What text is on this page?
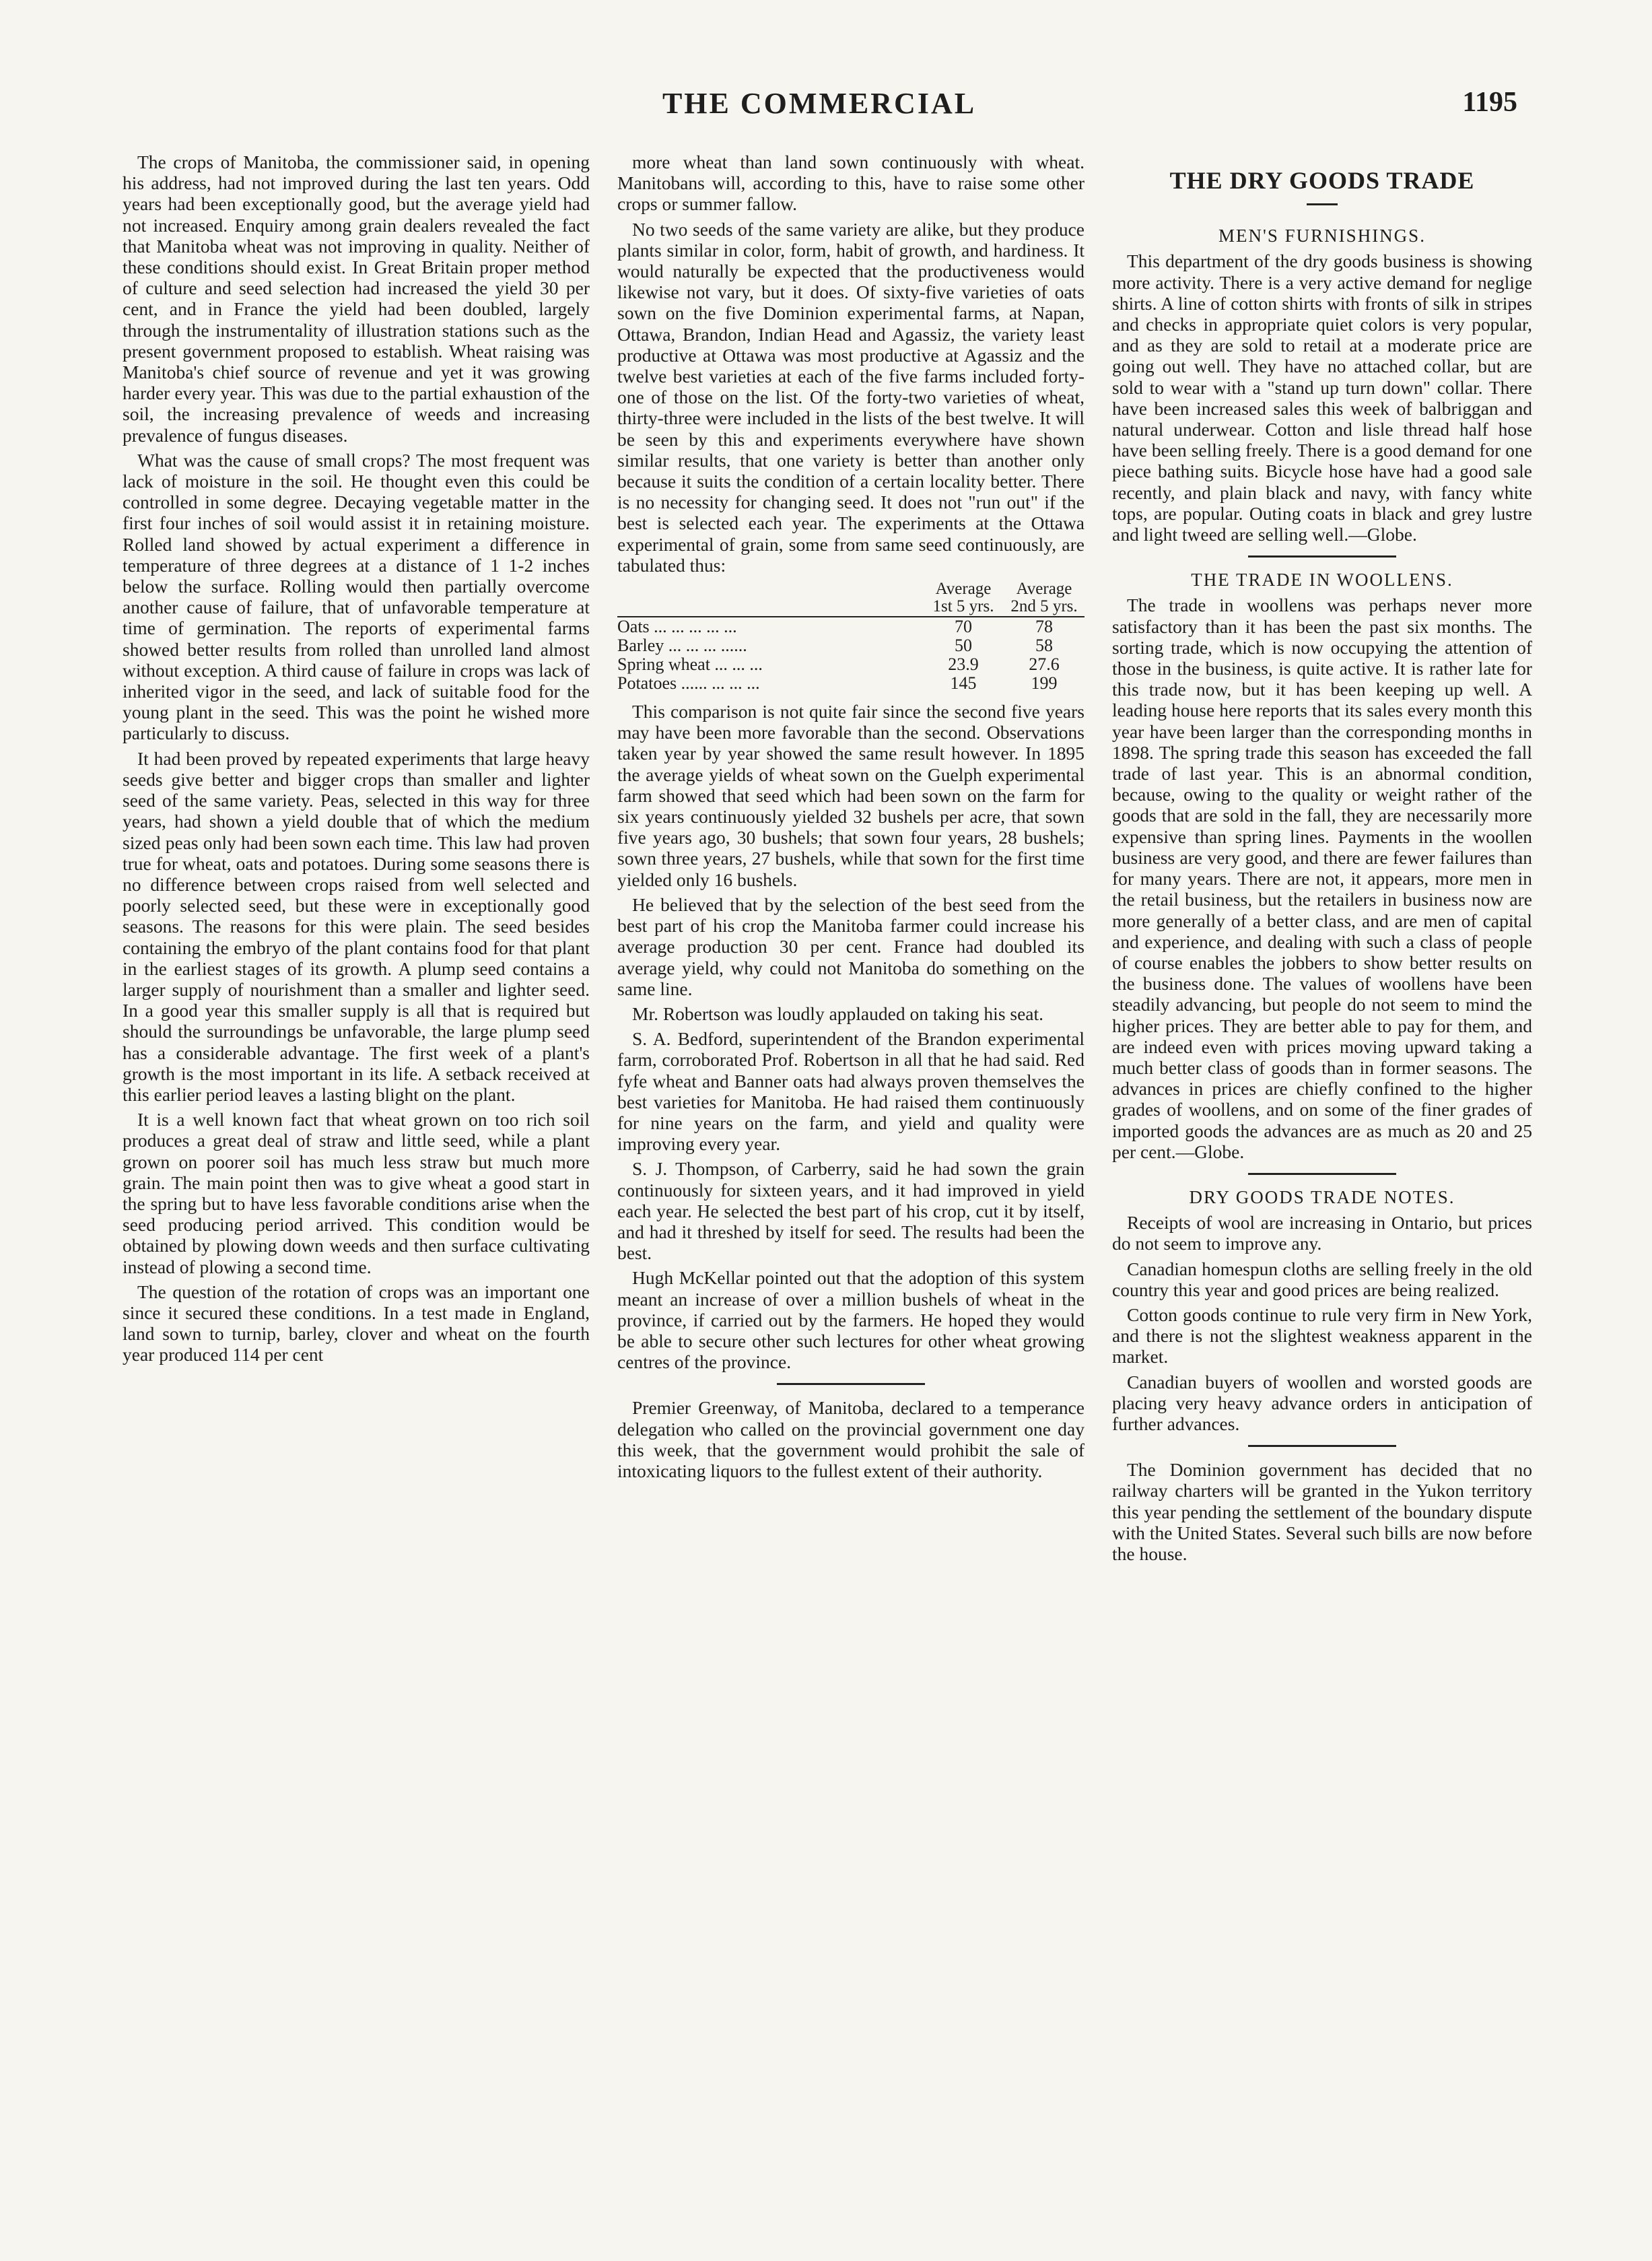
THE COMMERCIAL	1195

The crops of Manitoba, the commissioner said, in opening his address, had not improved during the last ten years. Odd years had been exceptionally good, but the average yield had not increased. Enquiry among grain dealers revealed the fact that Manitoba wheat was not improving in quality. Neither of these conditions should exist. In Great Britain proper method of culture and seed selection had increased the yield 30 per cent, and in France the yield had been doubled, largely through the instrumentality of illustration stations such as the present government proposed to establish. Wheat raising was Manitoba's chief source of revenue and yet it was growing harder every year. This was due to the partial exhaustion of the soil, the increasing prevalence of weeds and increasing prevalence of fungus diseases.

What was the cause of small crops? The most frequent was lack of moisture in the soil. He thought even this could be controlled in some degree. Decaying vegetable matter in the first four inches of soil would assist it in retaining moisture. Rolled land showed by actual experiment a difference in temperature of three degrees at a distance of 1 1-2 inches below the surface. Rolling would then partially overcome another cause of failure, that of unfavorable temperature at time of germination. The reports of experimental farms showed better results from rolled than unrolled land almost without exception. A third cause of failure in crops was lack of inherited vigor in the seed, and lack of suitable food for the young plant in the seed. This was the point he wished more particularly to discuss.

It had been proved by repeated experiments that large heavy seeds give better and bigger crops than smaller and lighter seed of the same variety. Peas, selected in this way for three years, had shown a yield double that of which the medium sized peas only had been sown each time. This law had proven true for wheat, oats and potatoes. During some seasons there is no difference between crops raised from well selected and poorly selected seed, but these were in exceptionally good seasons. The reasons for this were plain. The seed besides containing the embryo of the plant contains food for that plant in the earliest stages of its growth. A plump seed contains a larger supply of nourishment than a smaller and lighter seed. In a good year this smaller supply is all that is required but should the surroundings be unfavorable, the large plump seed has a considerable advantage. The first week of a plant's growth is the most important in its life. A setback received at this earlier period leaves a lasting blight on the plant.

It is a well known fact that wheat grown on too rich soil produces a great deal of straw and little seed, while a plant grown on poorer soil has much less straw but much more grain. The main point then was to give wheat a good start in the spring but to have less favorable conditions arise when the seed producing period arrived. This condition would be obtained by plowing down weeds and then surface cultivating instead of plowing a second time.

The question of the rotation of crops was an important one since it secured these conditions. In a test made in England, land sown to turnip, barley, clover and wheat on the fourth year produced 114 per cent

more wheat than land sown continuously with wheat. Manitobans will, according to this, have to raise some other crops or summer fallow.

No two seeds of the same variety are alike, but they produce plants similar in color, form, habit of growth, and hardiness. It would naturally be expected that the productiveness would likewise not vary, but it does. Of sixty-five varieties of oats sown on the five Dominion experimental farms, at Napan, Ottawa, Brandon, Indian Head and Agassiz, the variety least productive at Ottawa was most productive at Agassiz and the twelve best varieties at each of the five farms included forty-one of those on the list. Of the forty-two varieties of wheat, thirty-three were included in the lists of the best twelve. It will be seen by this and experiments everywhere have shown similar results, that one variety is better than another only because it suits the condition of a certain locality better. There is no necessity for changing seed. It does not "run out" if the best is selected each year. The experiments at the Ottawa experimental of grain, some from same seed continuously, are tabulated thus:

	Average 1st 5 yrs.	Average 2nd 5 yrs.
Oats ... ... ... ... ...	70	78
Barley ... ... ... ......	50	58
Spring wheat ... ... ...	23.9	27.6
Potatoes ...... ... ... ...	145	199

This comparison is not quite fair since the second five years may have been more favorable than the second. Observations taken year by year showed the same result however. In 1895 the average yields of wheat sown on the Guelph experimental farm showed that seed which had been sown on the farm for six years continuously yielded 32 bushels per acre, that sown five years ago, 30 bushels; that sown four years, 28 bushels; sown three years, 27 bushels, while that sown for the first time yielded only 16 bushels.

He believed that by the selection of the best seed from the best part of his crop the Manitoba farmer could increase his average production 30 per cent. France had doubled its average yield, why could not Manitoba do something on the same line.

Mr. Robertson was loudly applauded on taking his seat.

S. A. Bedford, superintendent of the Brandon experimental farm, corroborated Prof. Robertson in all that he had said. Red fyfe wheat and Banner oats had always proven themselves the best varieties for Manitoba. He had raised them continuously for nine years on the farm, and yield and quality were improving every year.

S. J. Thompson, of Carberry, said he had sown the grain continuously for sixteen years, and it had improved in yield each year. He selected the best part of his crop, cut it by itself, and had it threshed by itself for seed. The results had been the best.

Hugh McKellar pointed out that the adoption of this system meant an increase of over a million bushels of wheat in the province, if carried out by the farmers. He hoped they would be able to secure other such lectures for other wheat growing centres of the province.

Premier Greenway, of Manitoba, declared to a temperance delegation who called on the provincial government one day this week, that the government would prohibit the sale of intoxicating liquors to the fullest extent of their authority.

THE DRY GOODS TRADE
MEN'S FURNISHINGS.

This department of the dry goods business is showing more activity. There is a very active demand for neglige shirts. A line of cotton shirts with fronts of silk in stripes and checks in appropriate quiet colors is very popular, and as they are sold to retail at a moderate price are going out well. They have no attached collar, but are sold to wear with a "stand up turn down" collar. There have been increased sales this week of balbriggan and natural underwear. Cotton and lisle thread half hose have been selling freely. There is a good demand for one piece bathing suits. Bicycle hose have had a good sale recently, and plain black and navy, with fancy white tops, are popular. Outing coats in black and grey lustre and light tweed are selling well.—Globe.

THE TRADE IN WOOLLENS.

The trade in woollens was perhaps never more satisfactory than it has been the past six months. The sorting trade, which is now occupying the attention of those in the business, is quite active. It is rather late for this trade now, but it has been keeping up well. A leading house here reports that its sales every month this year have been larger than the corresponding months in 1898. The spring trade this season has exceeded the fall trade of last year. This is an abnormal condition, because, owing to the quality or weight rather of the goods that are sold in the fall, they are necessarily more expensive than spring lines. Payments in the woollen business are very good, and there are fewer failures than for many years. There are not, it appears, more men in the retail business, but the retailers in business now are more generally of a better class, and are men of capital and experience, and dealing with such a class of people of course enables the jobbers to show better results on the business done. The values of woollens have been steadily advancing, but people do not seem to mind the higher prices. They are better able to pay for them, and are indeed even with prices moving upward taking a much better class of goods than in former seasons. The advances in prices are chiefly confined to the higher grades of woollens, and on some of the finer grades of imported goods the advances are as much as 20 and 25 per cent.—Globe.

DRY GOODS TRADE NOTES.

Receipts of wool are increasing in Ontario, but prices do not seem to improve any.

Canadian homespun cloths are selling freely in the old country this year and good prices are being realized.

Cotton goods continue to rule very firm in New York, and there is not the slightest weakness apparent in the market.

Canadian buyers of woollen and worsted goods are placing very heavy advance orders in anticipation of further advances.

The Dominion government has decided that no railway charters will be granted in the Yukon territory this year pending the settlement of the boundary dispute with the United States. Several such bills are now before the house.
